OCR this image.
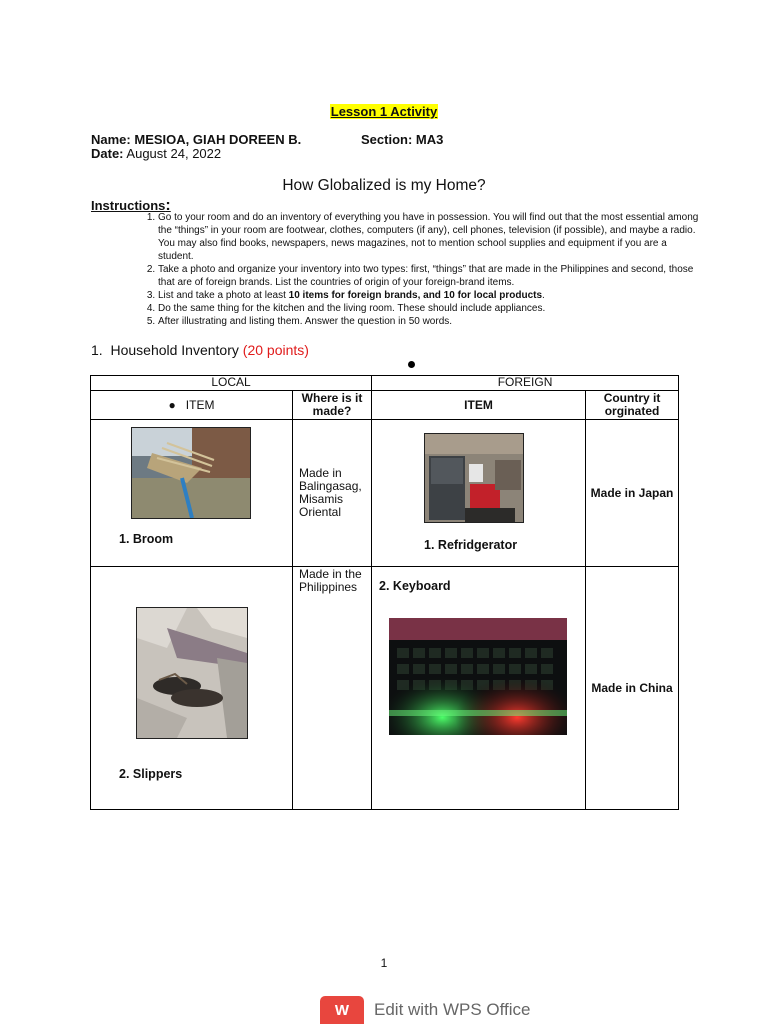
Lesson 1 Activity
Name: MESIOA, GIAH DOREEN B.	Section: MA3
Date: August 24, 2022
How Globalized is my Home?
Instructions:
1. Go to your room and do an inventory of everything you have in possession. You will find out that the most essential among the “things” in your room are footwear, clothes, computers (if any), cell phones, television (if possible), and maybe a radio. You may also find books, newspapers, news magazines, not to mention school supplies and equipment if you are a student.
2. Take a photo and organize your inventory into two types: first, “things” that are made in the Philippines and second, those that are of foreign brands. List the countries of origin of your foreign-brand items.
3. List and take a photo at least 10 items for foreign brands, and 10 for local products.
4. Do the same thing for the kitchen and the living room. These should include appliances.
5. After illustrating and listing them. Answer the question in 50 words.
1. Household Inventory (20 points)
LOCAL		FOREIGN	
●   ITEM	Where is it made?	ITEM	Country it orginated

1. Broom	Made in Balingasag, Misamis Oriental	1. Refridgerator	Made in Japan

2. Slippers	Made in the Philippines	2. Keyboard	Made in China
1
W	Edit with WPS Office
